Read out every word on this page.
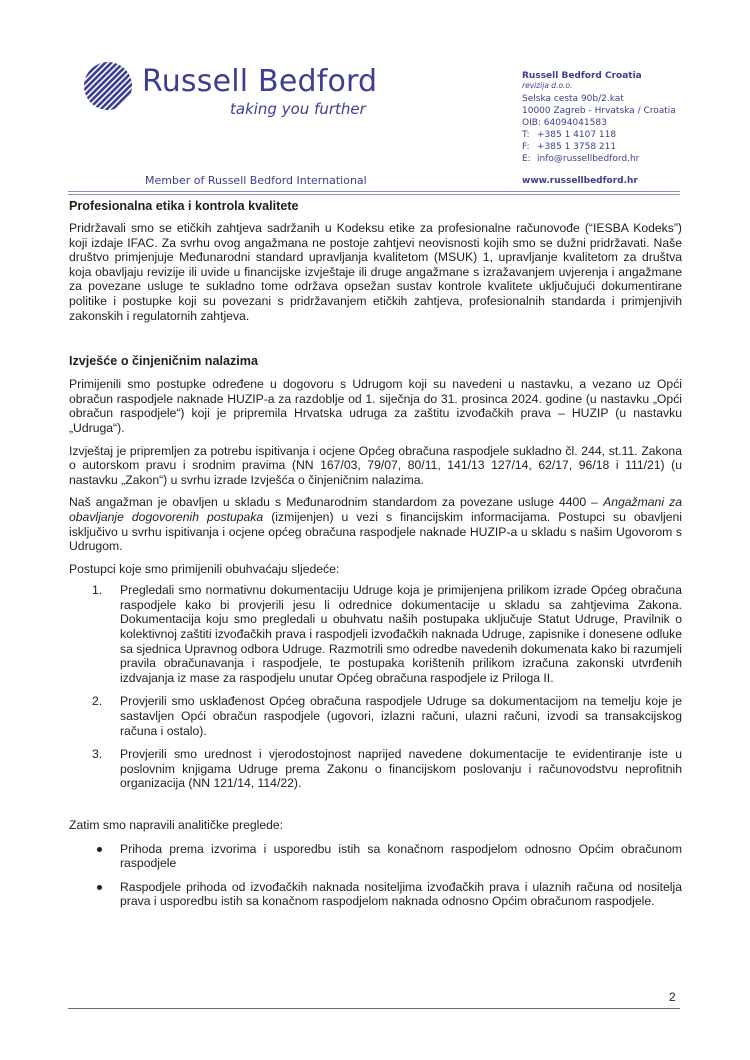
Russell Bedford
taking you further
Member of Russell Bedford International
Russell Bedford Croatia
revizija d.o.o.
Selska cesta 90b/2.kat
10000 Zagreb - Hrvatska / Croatia
OIB: 64094041583
T: +385 1 4107 118
F: +385 1 3758 211
E: info@russellbedford.hr
www.russellbedford.hr
Profesionalna etika i kontrola kvalitete

Pridržavali smo se etičkih zahtjeva sadržanih u Kodeksu etike za profesionalne računovođe (“IESBA Kodeks”) koji izdaje IFAC. Za svrhu ovog angažmana ne postoje zahtjevi neovisnosti kojih smo se dužni pridržavati. Naše društvo primjenjuje Međunarodni standard upravljanja kvalitetom (MSUK) 1, upravljanje kvalitetom za društva koja obavljaju revizije ili uvide u financijske izvještaje ili druge angažmane s izražavanjem uvjerenja i angažmane za povezane usluge te sukladno tome održava opsežan sustav kontrole kvalitete uključujući dokumentirane politike i postupke koji su povezani s pridržavanjem etičkih zahtjeva, profesionalnih standarda i primjenjivih zakonskih i regulatornih zahtjeva.

Izvješće o činjeničnim nalazima

Primijenili smo postupke određene u dogovoru s Udrugom koji su navedeni u nastavku, a vezano uz Opći obračun raspodjele naknade HUZIP-a za razdoblje od 1. siječnja do 31. prosinca 2024. godine (u nastavku „Opći obračun raspodjele“) koji je pripremila Hrvatska udruga za zaštitu izvođačkih prava – HUZIP (u nastavku „Udruga“).

Izvještaj je pripremljen za potrebu ispitivanja i ocjene Općeg obračuna raspodjele sukladno čl. 244, st.11. Zakona o autorskom pravu i srodnim pravima (NN 167/03, 79/07, 80/11, 141/13 127/14, 62/17, 96/18 i 111/21) (u nastavku „Zakon“) u svrhu izrade Izvješća o činjeničnim nalazima.

Naš angažman je obavljen u skladu s Međunarodnim standardom za povezane usluge 4400 – Angažmani za obavljanje dogovorenih postupaka (izmijenjen) u vezi s financijskim informacijama. Postupci su obavljeni isključivo u svrhu ispitivanja i ocjene općeg obračuna raspodjele naknade HUZIP-a u skladu s našim Ugovorom s Udrugom.

Postupci koje smo primijenili obuhvaćaju sljedeće:

1. Pregledali smo normativnu dokumentaciju Udruge koja je primijenjena prilikom izrade Općeg obračuna raspodjele kako bi provjerili jesu li odrednice dokumentacije u skladu sa zahtjevima Zakona. Dokumentacija koju smo pregledali u obuhvatu naših postupaka uključuje Statut Udruge, Pravilnik o kolektivnoj zaštiti izvođačkih prava i raspodjeli izvođačkih naknada Udruge, zapisnike i donesene odluke sa sjednica Upravnog odbora Udruge. Razmotrili smo odredbe navedenih dokumenata kako bi razumjeli pravila obračunavanja i raspodjele, te postupaka korištenih prilikom izračuna zakonski utvrđenih izdvajanja iz mase za raspodjelu unutar Općeg obračuna raspodjele iz Priloga II.
2. Provjerili smo usklađenost Općeg obračuna raspodjele Udruge sa dokumentacijom na temelju koje je sastavljen Opći obračun raspodjele (ugovori, izlazni računi, ulazni računi, izvodi sa transakcijskog računa i ostalo).
3. Provjerili smo urednost i vjerodostojnost naprijed navedene dokumentacije te evidentiranje iste u poslovnim knjigama Udruge prema Zakonu o financijskom poslovanju i računovodstvu neprofitnih organizacija (NN 121/14, 114/22).

Zatim smo napravili analitičke preglede:

Prihoda prema izvorima i usporedbu istih sa konačnom raspodjelom odnosno Općim obračunom raspodjele
Raspodjele prihoda od izvođačkih naknada nositeljima izvođačkih prava i ulaznih računa od nositelja prava i usporedbu istih sa konačnom raspodjelom naknada odnosno Općim obračunom raspodjele.
2
